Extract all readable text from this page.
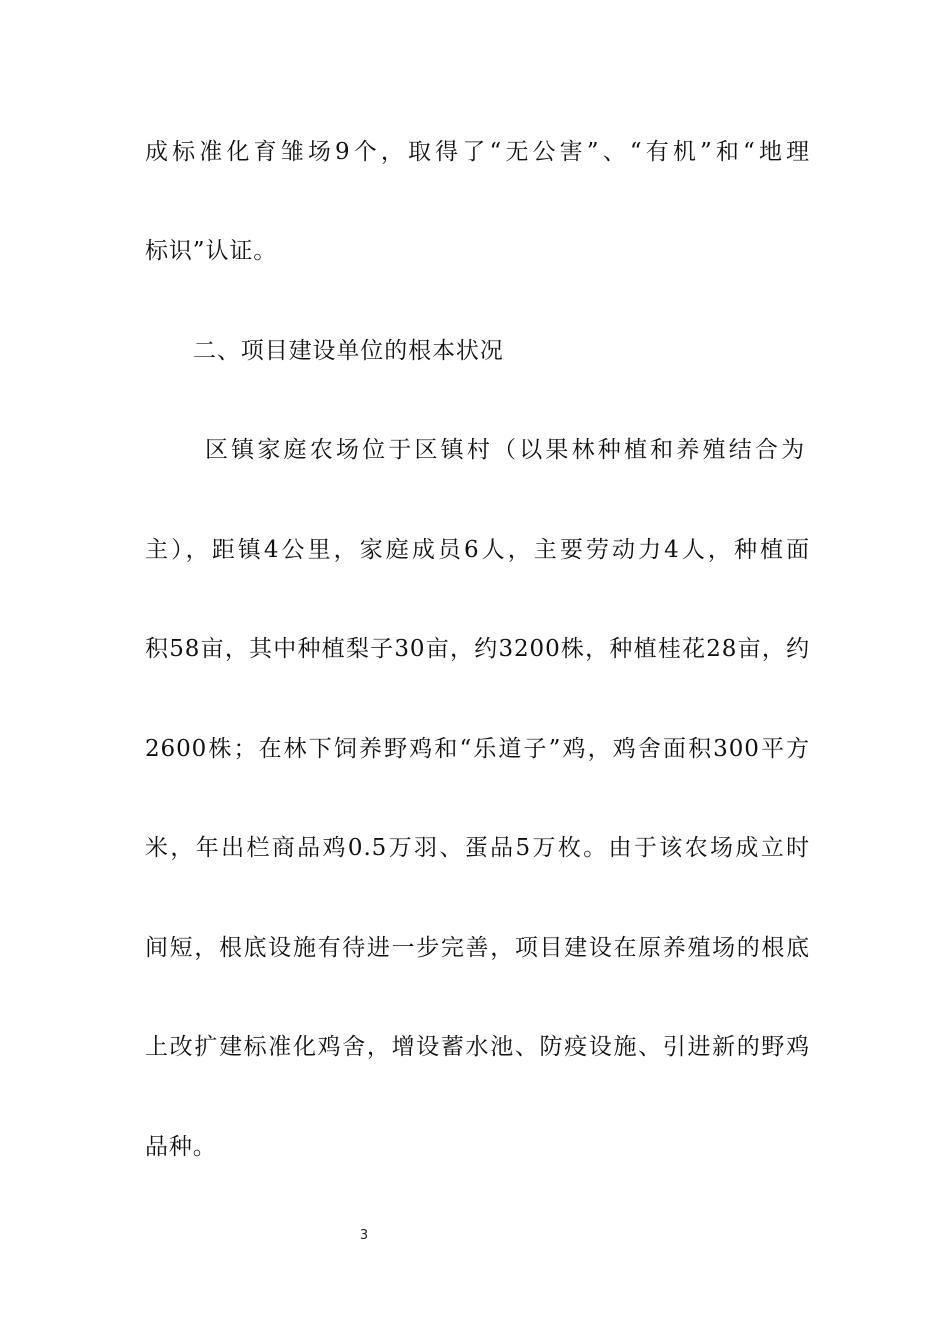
成标准化育雏场9个，取得了“无公害”、“有机”和“地理
标识”认证。
二、项目建设单位的根本状况
区镇家庭农场位于区镇村（以果林种植和养殖结合为
主），距镇4公里，家庭成员6人，主要劳动力4人，种植面
积58亩，其中种植梨子30亩，约3200株，种植桂花28亩，约
2600株；在林下饲养野鸡和“乐道子”鸡，鸡舍面积300平方
米，年出栏商品鸡0.5万羽、蛋品5万枚。由于该农场成立时
间短，根底设施有待进一步完善，项目建设在原养殖场的根底
上改扩建标准化鸡舍，增设蓄水池、防疫设施、引进新的野鸡
品种。
3
